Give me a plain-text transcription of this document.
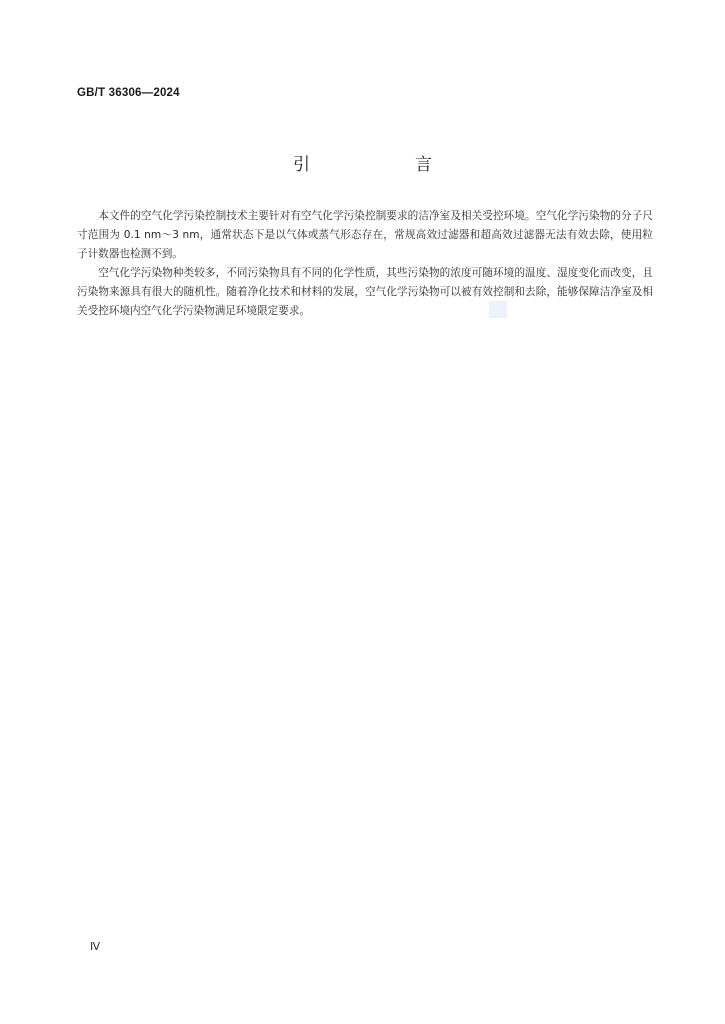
GB/T 36306—2024
引　言

本文件的空气化学污染控制技术主要针对有空气化学污染控制要求的洁净室及相关受控环境。空气化学污染物的分子尺寸范围为 0.1 nm～3 nm，通常状态下是以气体或蒸气形态存在，常规高效过滤器和超高效过滤器无法有效去除，使用粒子计数器也检测不到。

空气化学污染物种类较多，不同污染物具有不同的化学性质，其些污染物的浓度可随环境的温度、湿度变化而改变，且污染物来源具有很大的随机性。随着净化技术和材料的发展，空气化学污染物可以被有效控制和去除，能够保障洁净室及相关受控环境内空气化学污染物满足环境限定要求。

Ⅳ
